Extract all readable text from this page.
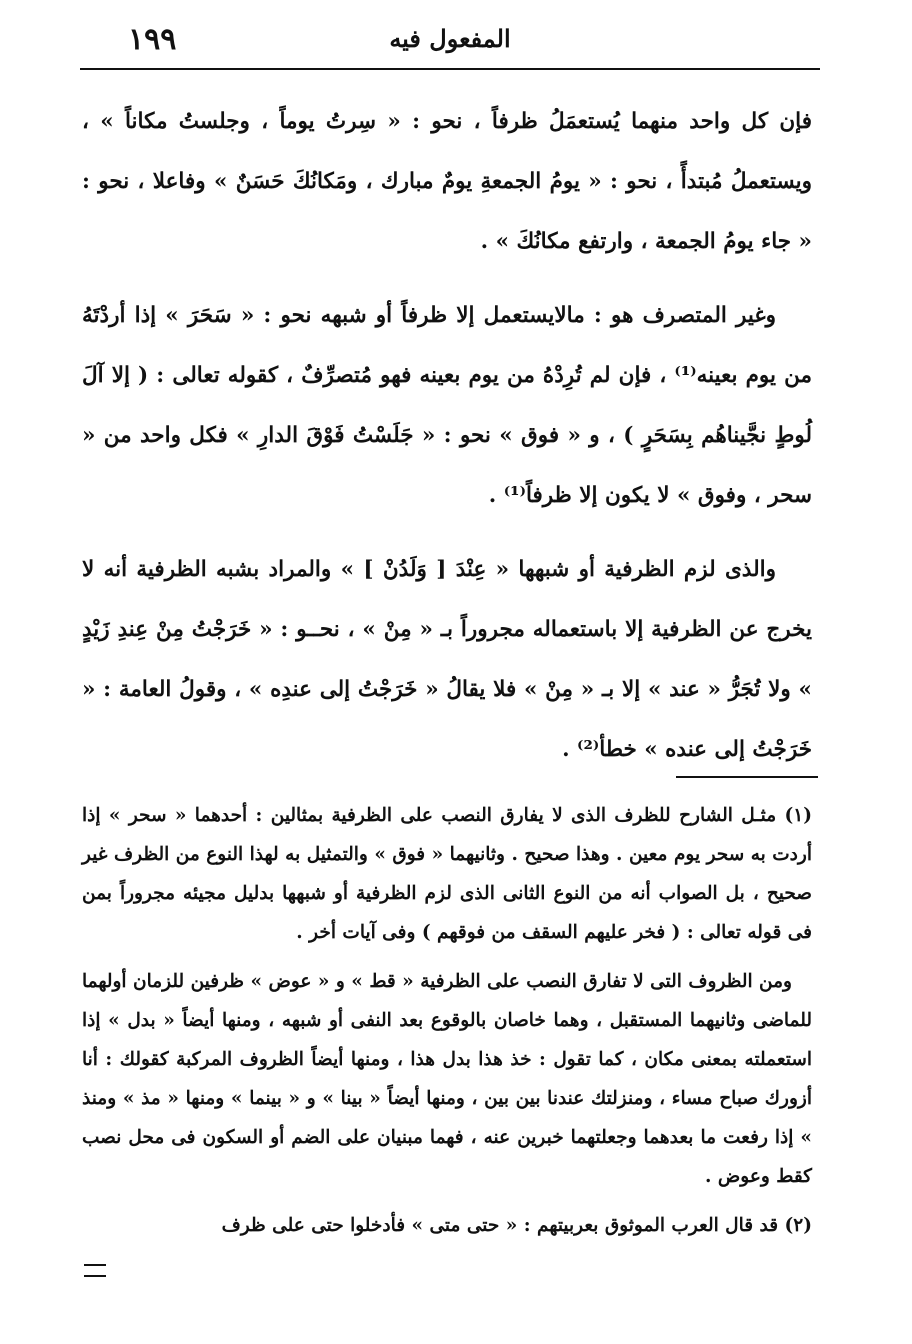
المفعول فيه
١٩٩

فإن كل واحد منهما يُستعمَلُ ظرفاً ، نحو : « سِرتُ يوماً ، وجلستُ مكاناً » ، ويستعملُ مُبتدأً ، نحو : « يومُ الجمعةِ يومٌ مبارك ، ومَكانُكَ حَسَنٌ » وفاعلا ، نحو : « جاء يومُ الجمعة ، وارتفع مكانُكَ » .

وغير المتصرف هو : مالايستعمل إلا ظرفاً أو شبهه نحو : « سَحَرَ » إذا أردْتَهُ من يوم بعينه⁽¹⁾ ، فإن لم تُرِدْهُ من يوم بعينه فهو مُتصرِّفٌ ، كقوله تعالى : ( إلا آلَ لُوطٍ نجَّيناهُم بِسَحَرٍ ) ، و « فوق » نحو : « جَلَسْتُ فَوْقَ الدارِ » فكل واحد من « سحر ، وفوق » لا يكون إلا ظرفاً⁽¹⁾ .

والذى لزم الظرفية أو شبهها « عِنْدَ [ وَلَدُنْ ] » والمراد بشبه الظرفية أنه لا يخرج عن الظرفية إلا باستعماله مجروراً بـ « مِنْ » ، نحــو : « خَرَجْتُ مِنْ عِندِ زَيْدٍ » ولا تُجَرُّ « عند » إلا بـ « مِنْ » فلا يقالُ « خَرَجْتُ إلى عندِه » ، وقولُ العامة : « خَرَجْتُ إلى عنده » خطأ⁽²⁾ .

(١) مثـل الشارح للظرف الذى لا يفارق النصب على الظرفية بمثالين : أحدهما « سحر » إذا أردت به سحر يوم معين . وهذا صحيح . وثانيهما « فوق » والتمثيل به لهذا النوع من الظرف غير صحيح ، بل الصواب أنه من النوع الثانى الذى لزم الظرفية أو شبهها بدليل مجيئه مجروراً بمن فى قوله تعالى : ( فخر عليهم السقف من فوقهم ) وفى آيات أخر .

ومن الظروف التى لا تفارق النصب على الظرفية « قط » و « عوض » ظرفين للزمان أولهما للماضى وثانيهما المستقبل ، وهما خاصان بالوقوع بعد النفى أو شبهه ، ومنها أيضاً « بدل » إذا استعملته بمعنى مكان ، كما تقول : خذ هذا بدل هذا ، ومنها أيضاً الظروف المركبة كقولك : أنا أزورك صباح مساء ، ومنزلتك عندنا بين بين ، ومنها أيضاً « بينا » و « بينما » ومنها « مذ » ومنذ » إذا رفعت ما بعدهما وجعلتهما خبرين عنه ، فهما مبنيان على الضم أو السكون فى محل نصب كقط وعوض .

(٢) قد قال العرب الموثوق بعربيتهم : « حتى متى » فأدخلوا حتى على ظرف
